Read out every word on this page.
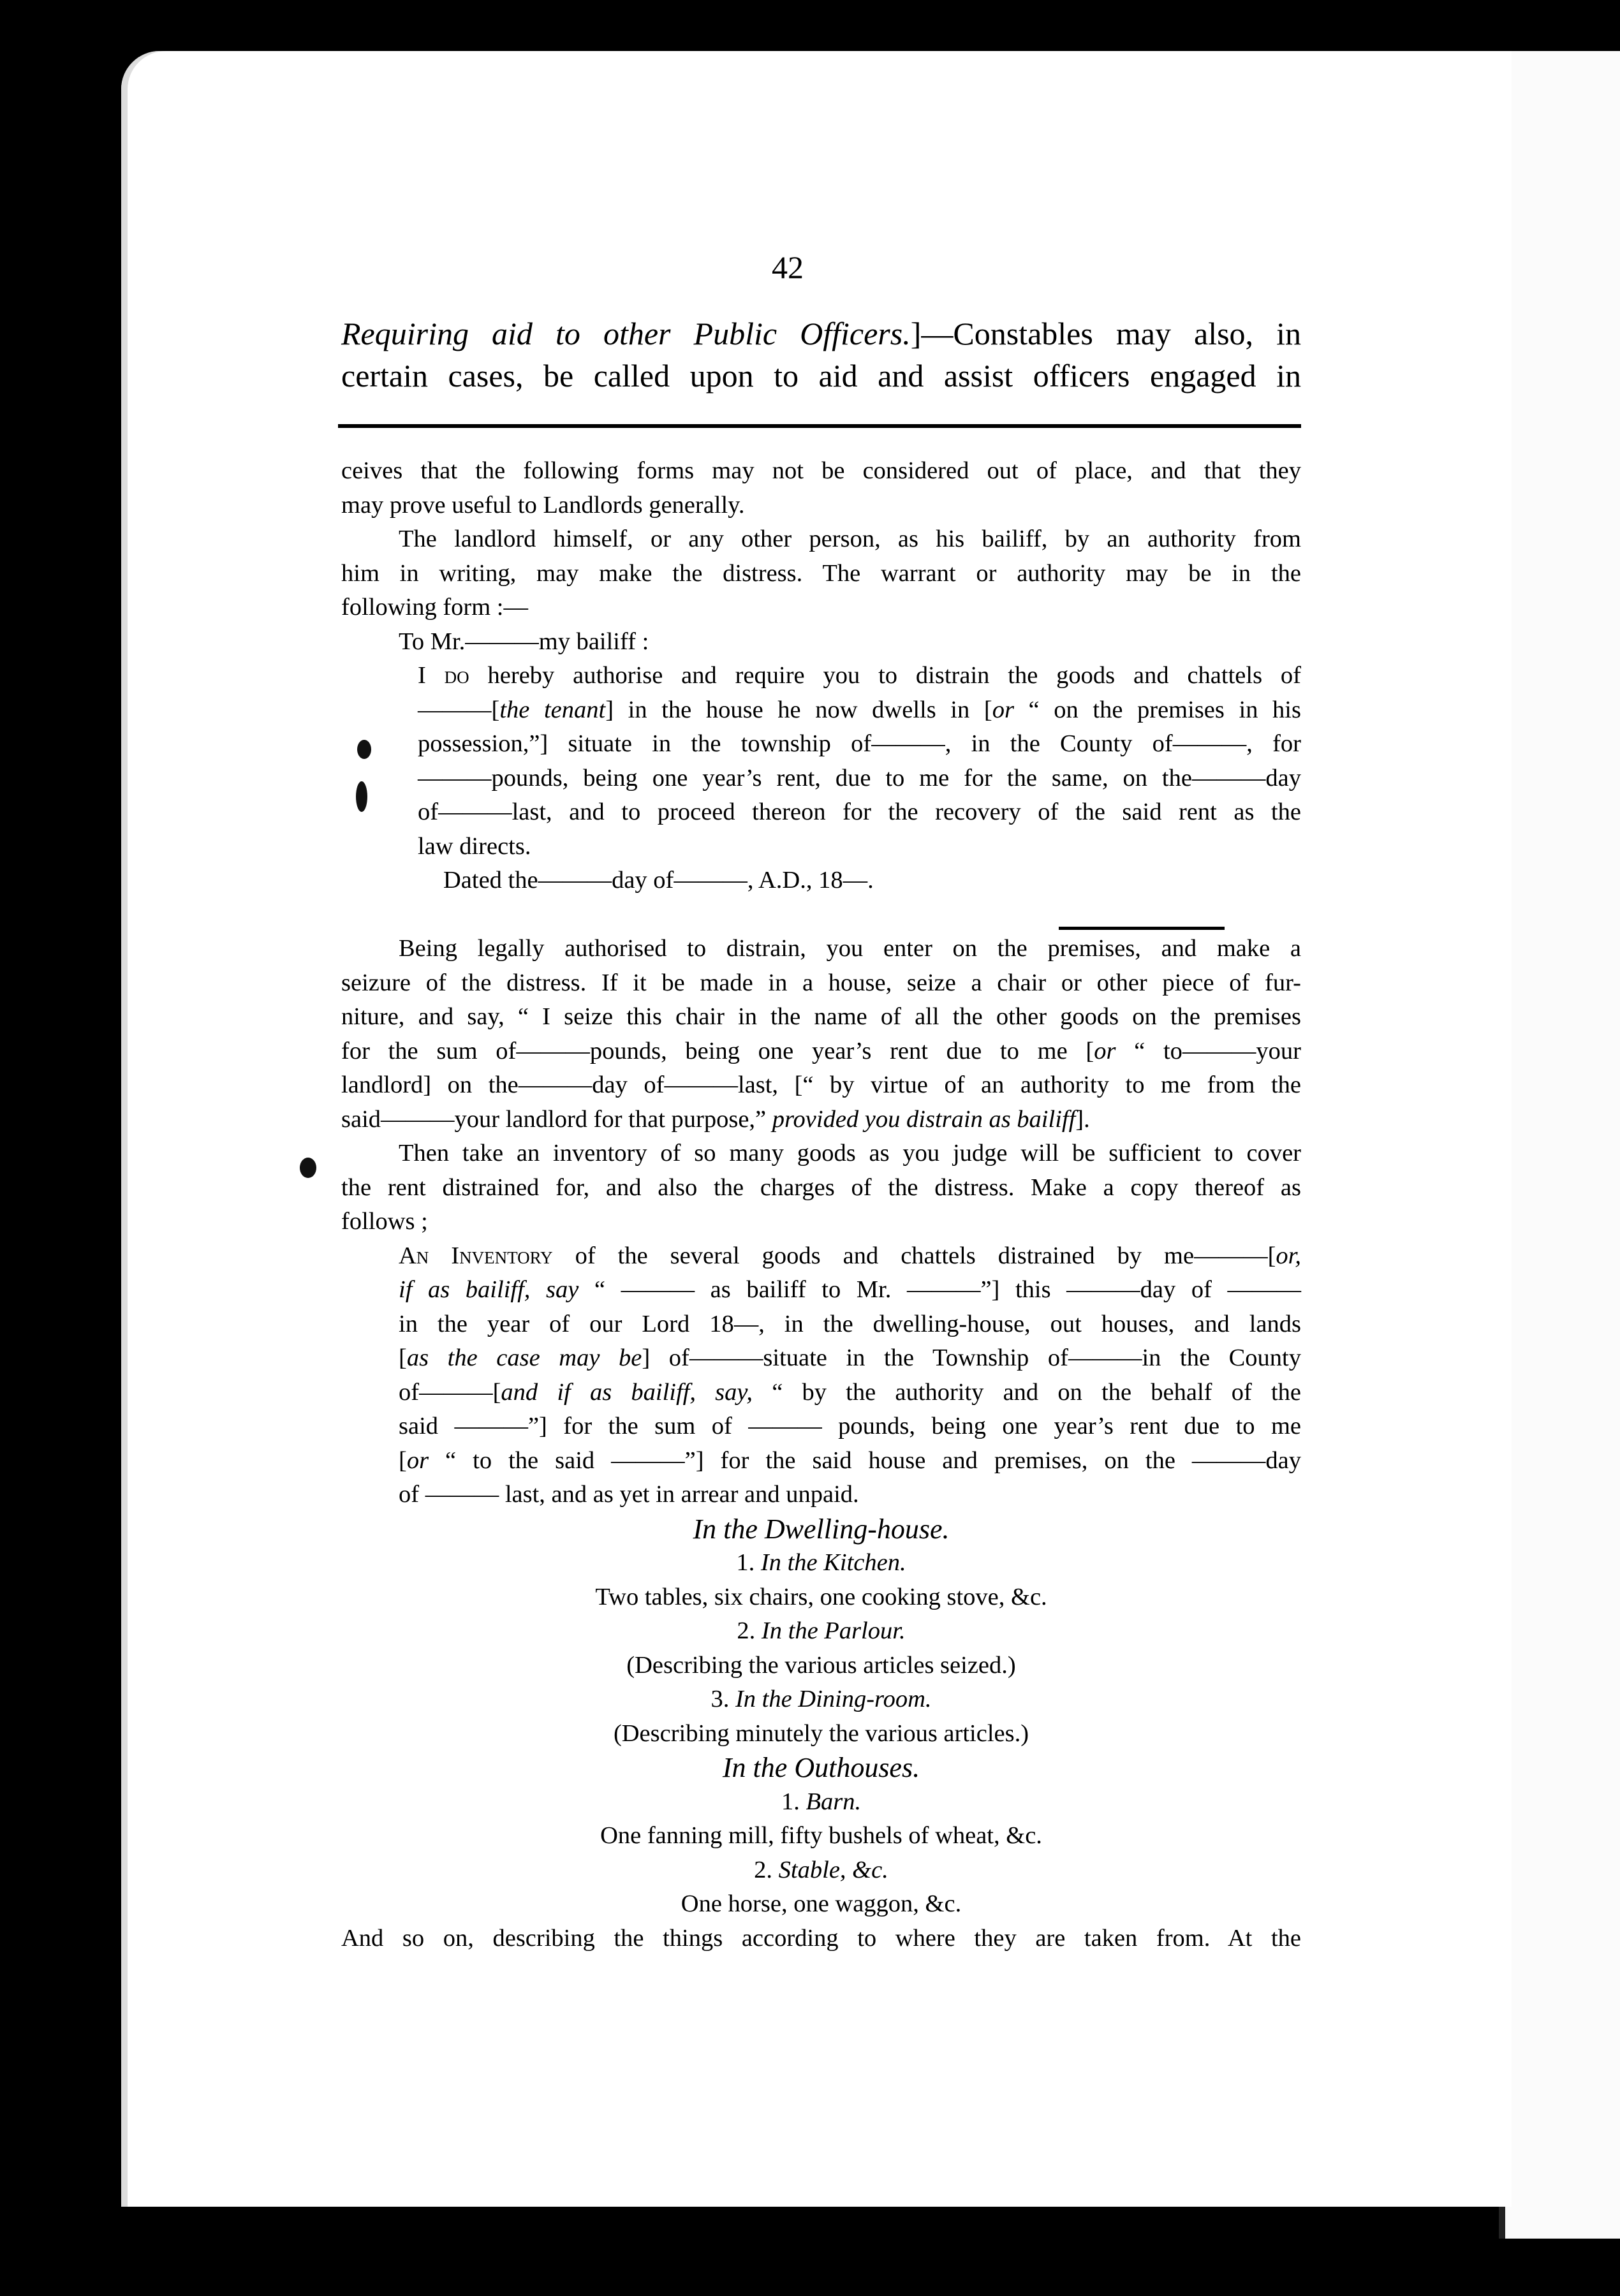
42
Requiring aid to other Public Officers.]—Constables may also, in
certain cases, be called upon to aid and assist officers engaged in
ceives that the following forms may not be considered out of place, and that they
may prove useful to Landlords generally.
The landlord himself, or any other person, as his bailiff, by an authority from
him in writing, may make the distress. The warrant or authority may be in the
following form :—
To Mr.———my bailiff :
I do hereby authorise and require you to distrain the goods and chattels of
———[the tenant] in the house he now dwells in [or “ on the premises in his
possession,”] situate in the township of———, in the County of———, for
———pounds, being one year’s rent, due to me for the same, on the———day
of———last, and to proceed thereon for the recovery of the said rent as the
law directs.
Dated the———day of———, A.D., 18—.

Being legally authorised to distrain, you enter on the premises, and make a
seizure of the distress. If it be made in a house, seize a chair or other piece of fur-
niture, and say, “ I seize this chair in the name of all the other goods on the premises
for the sum of———pounds, being one year’s rent due to me [or “ to———your
landlord] on the———day of———last, [“ by virtue of an authority to me from the
said———your landlord for that purpose,” provided you distrain as bailiff].
Then take an inventory of so many goods as you judge will be sufficient to cover
the rent distrained for, and also the charges of the distress. Make a copy thereof as
follows ;
An Inventory of the several goods and chattels distrained by me———[or,
if as bailiff, say “ ——— as bailiff to Mr. ———”] this ———day of ———
in the year of our Lord 18—, in the dwelling-house, out houses, and lands
[as the case may be] of———situate in the Township of———in the County
of———[and if as bailiff, say, “ by the authority and on the behalf of the
said ———”] for the sum of ——— pounds, being one year’s rent due to me
[or “ to the said ———”] for the said house and premises, on the ———day
of ——— last, and as yet in arrear and unpaid.
In the Dwelling-house.
1. In the Kitchen.
Two tables, six chairs, one cooking stove, &c.
2. In the Parlour.
(Describing the various articles seized.)
3. In the Dining-room.
(Describing minutely the various articles.)
In the Outhouses.
1. Barn.
One fanning mill, fifty bushels of wheat, &c.
2. Stable, &c.
One horse, one waggon, &c.
And so on, describing the things according to where they are taken from. At the
